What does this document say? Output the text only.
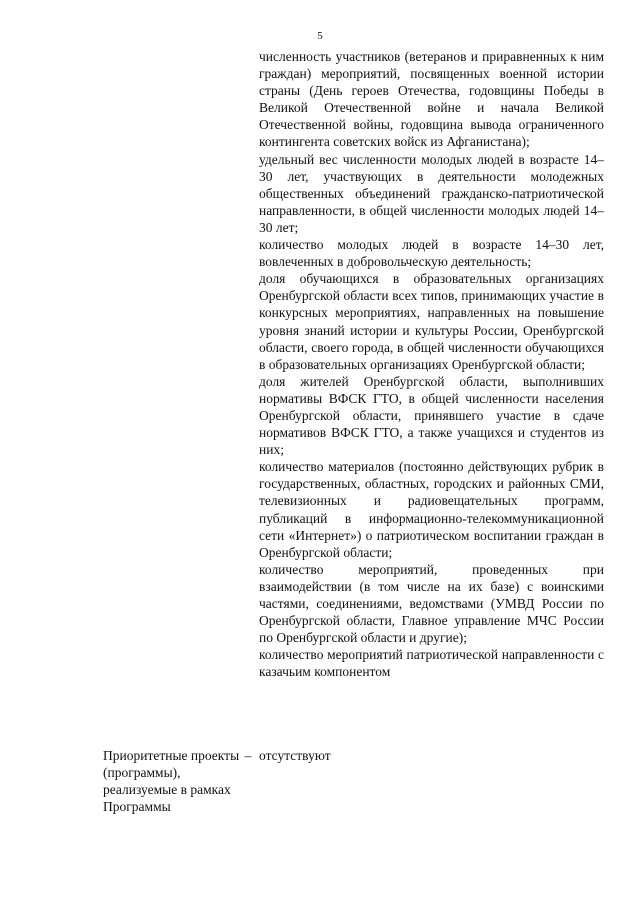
5

численность участников (ветеранов и приравненных к ним граждан) мероприятий, посвященных военной истории страны (День героев Отечества, годовщины Победы в Великой Отечественной войне и начала Великой Отечественной войны, годовщина вывода ограниченного контингента советских войск из Афганистана);

удельный вес численности молодых людей в возрасте 14–30 лет, участвующих в деятельности молодежных общественных объединений гражданско-патриотической направленности, в общей численности молодых людей 14–30 лет;

количество молодых людей в возрасте 14–30 лет, вовлеченных в добровольческую деятельность;

доля обучающихся в образовательных организациях Оренбургской области всех типов, принимающих участие в конкурсных мероприятиях, направленных на повышение уровня знаний истории и культуры России, Оренбургской области, своего города, в общей численности обучающихся в образовательных организациях Оренбургской области;

доля жителей Оренбургской области, выполнивших нормативы ВФСК ГТО, в общей численности населения Оренбургской области, принявшего участие в сдаче нормативов ВФСК ГТО, а также учащихся и студентов из них;

количество материалов (постоянно действующих рубрик в государственных, областных, городских и районных СМИ, телевизионных и радиовещательных программ, публикаций в информационно-телекоммуникационной сети «Интернет») о патриотическом воспитании граждан в Оренбургской области;

количество мероприятий, проведенных при взаимодействии (в том числе на их базе) с воинскими частями, соединениями, ведомствами (УМВД России по Оренбургской области, Главное управление МЧС России по Оренбургской области и другие);

количество мероприятий патриотической направленности с казачьим компонентом

Приоритетные проекты (программы), реализуемые в рамках Программы
– отсутствуют
